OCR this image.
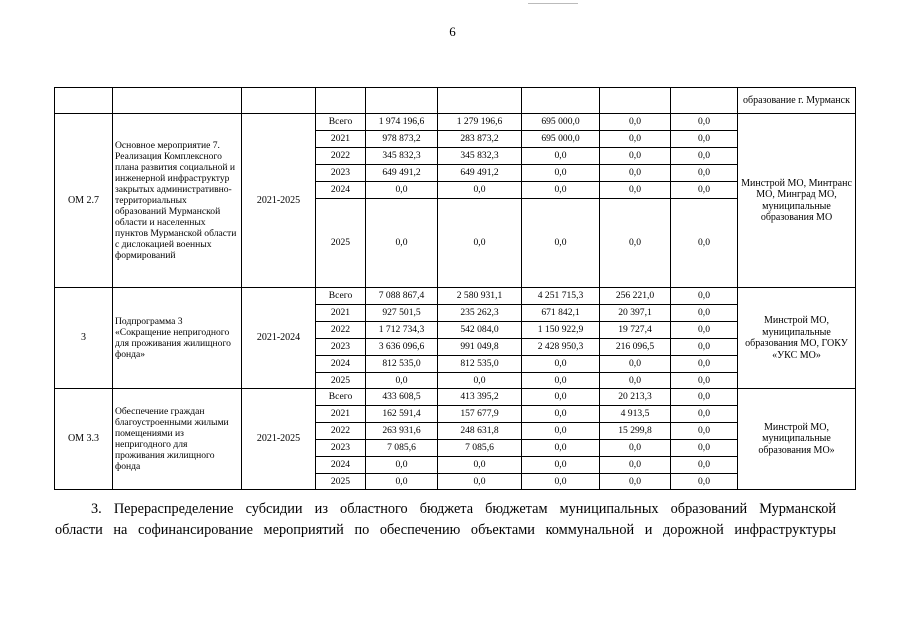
6
									образование г. Мурманск
ОМ 2.7	Основное мероприятие 7. Реализация Комплексного плана развития социальной и инженерной инфраструктур закрытых административно-территориальных образований Мурманской области и населенных пунктов Мурманской области с дислокацией военных формирований	2021-2025	Всего	1 974 196,6	1 279 196,6	695 000,0	0,0	0,0	Минстрой МО, Минтранс МО, Минград МО, муниципальные образования МО
			2021	978 873,2	283 873,2	695 000,0	0,0	0,0	
			2022	345 832,3	345 832,3	0,0	0,0	0,0	
			2023	649 491,2	649 491,2	0,0	0,0	0,0	
			2024	0,0	0,0	0,0	0,0	0,0	
			2025	0,0	0,0	0,0	0,0	0,0	
3	Подпрограмма 3 «Сокращение непригодного для проживания жилищного фонда»	2021-2024	Всего	7 088 867,4	2 580 931,1	4 251 715,3	256 221,0	0,0	Минстрой МО, муниципальные образования МО, ГОКУ «УКС МО»
			2021	927 501,5	235 262,3	671 842,1	20 397,1	0,0	
			2022	1 712 734,3	542 084,0	1 150 922,9	19 727,4	0,0	
			2023	3 636 096,6	991 049,8	2 428 950,3	216 096,5	0,0	
			2024	812 535,0	812 535,0	0,0	0,0	0,0	
			2025	0,0	0,0	0,0	0,0	0,0	
ОМ 3.3	Обеспечение граждан благоустроенными жилыми помещениями из непригодного для проживания жилищного фонда	2021-2025	Всего	433 608,5	413 395,2	0,0	20 213,3	0,0	Минстрой МО, муниципальные образования МО»
			2021	162 591,4	157 677,9	0,0	4 913,5	0,0	
			2022	263 931,6	248 631,8	0,0	15 299,8	0,0	
			2023	7 085,6	7 085,6	0,0	0,0	0,0	
			2024	0,0	0,0	0,0	0,0	0,0	
			2025	0,0	0,0	0,0	0,0	0,0	
3. Перераспределение субсидии из областного бюджета бюджетам муниципальных образований Мурманской
области на софинансирование мероприятий по обеспечению объектами коммунальной и дорожной инфраструктуры
